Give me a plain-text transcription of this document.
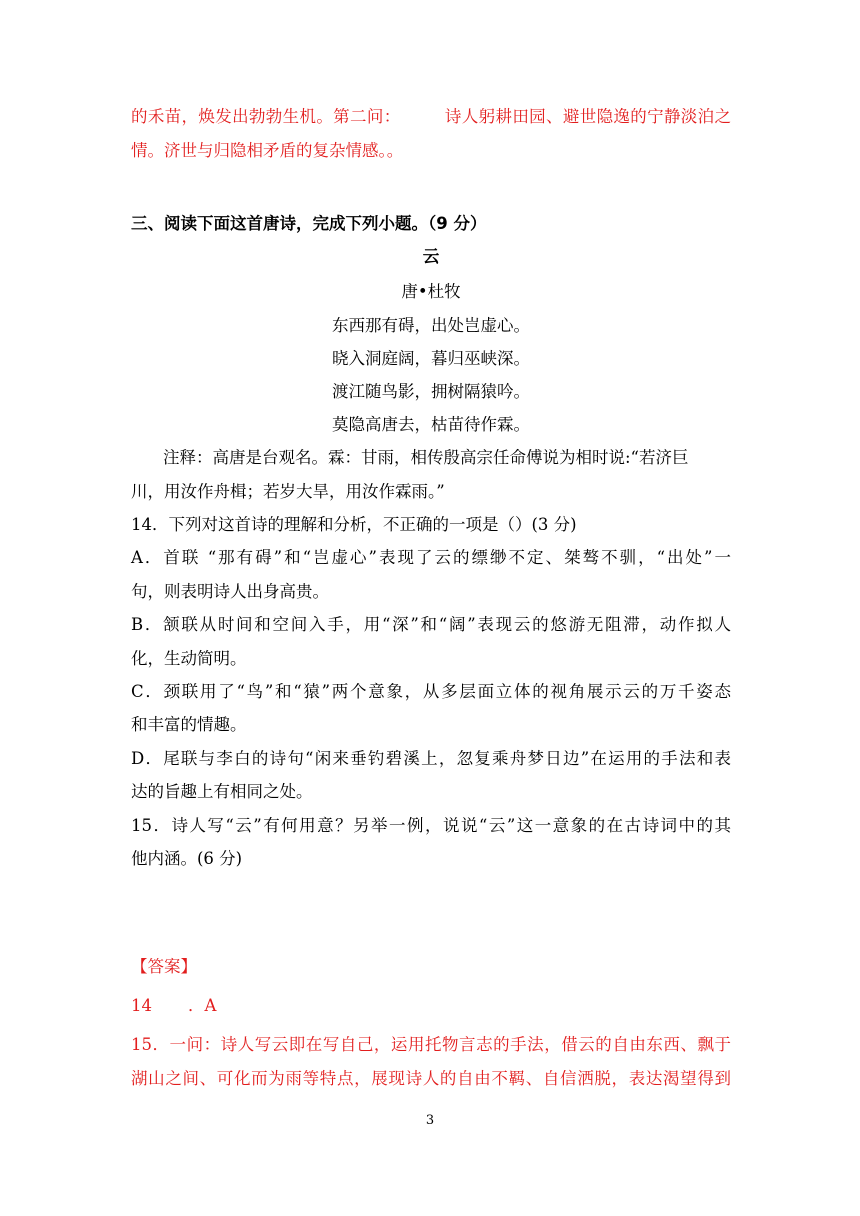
的禾苗，焕发出勃勃生机。第二问：	诗人躬耕田园、避世隐逸的宁静淡泊之
情。济世与归隐相矛盾的复杂情感。。
三、阅读下面这首唐诗，完成下列小题。（9 分）
云
唐•杜牧
东西那有碍，出处岂虚心。
晓入洞庭阔，暮归巫峡深。
渡江随鸟影，拥树隔猿吟。
莫隐高唐去，枯苗待作霖。
注释：高唐是台观名。霖：甘雨，相传殷高宗任命傅说为相时说:“若济巨
川，用汝作舟楫；若岁大旱，用汝作霖雨。”
14．下列对这首诗的理解和分析，不正确的一项是（）(3 分)
A．首联 “那有碍”和“岂虚心”表现了云的缥缈不定、桀骜不驯，“出处”一
句，则表明诗人出身高贵。
B．颔联从时间和空间入手，用“深”和“阔”表现云的悠游无阻滞，动作拟人
化，生动简明。
C．颈联用了“鸟”和“猿”两个意象，从多层面立体的视角展示云的万千姿态
和丰富的情趣。
D．尾联与李白的诗句“闲来垂钓碧溪上，忽复乘舟梦日边”在运用的手法和表
达的旨趣上有相同之处。
15．诗人写“云”有何用意？另举一例，说说“云”这一意象的在古诗词中的其
他内涵。(6 分)
【答案】
14 ．A
15．一问：诗人写云即在写自己，运用托物言志的手法，借云的自由东西、飘于
湖山之间、可化而为雨等特点，展现诗人的自由不羁、自信洒脱，表达渴望得到
3
